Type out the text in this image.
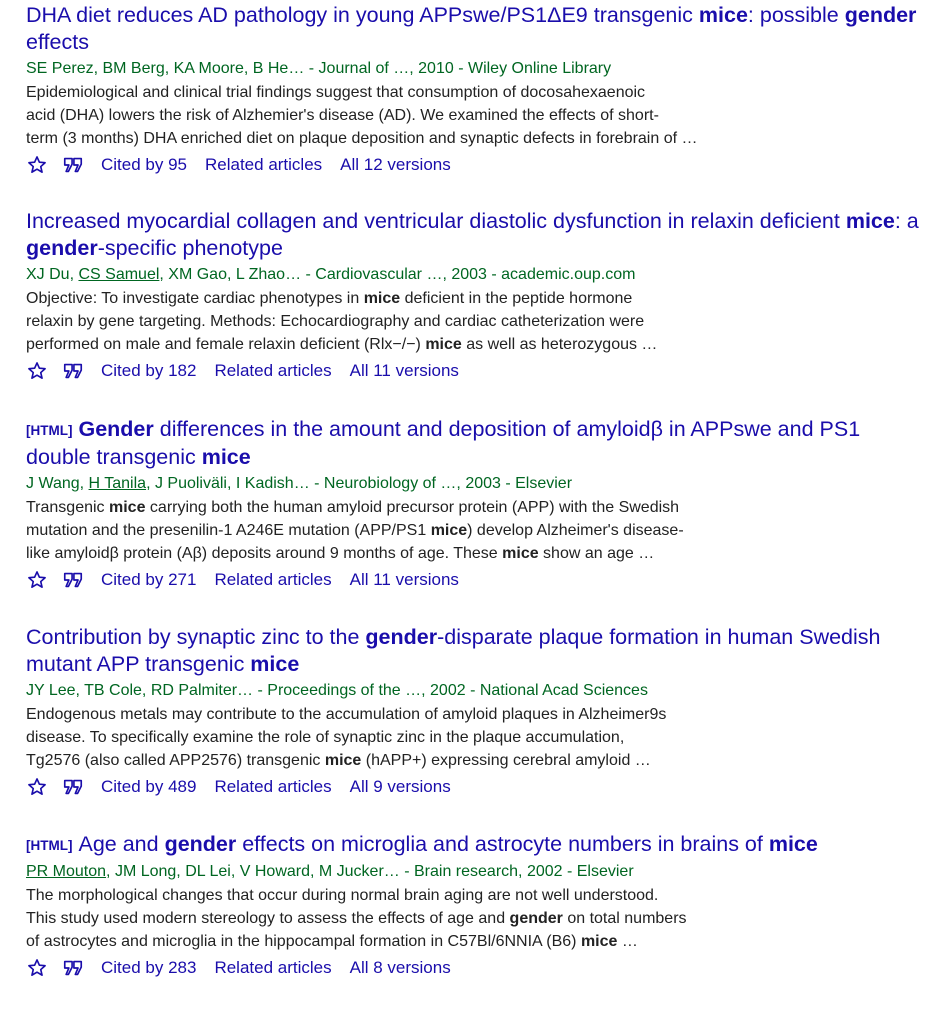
DHA diet reduces AD pathology in young APPswe/PS1ΔE9 transgenic mice: possible gender effects
SE Perez, BM Berg, KA Moore, B He… - Journal of …, 2010 - Wiley Online Library
Epidemiological and clinical trial findings suggest that consumption of docosahexaenoic
acid (DHA) lowers the risk of Alzhemier's disease (AD). We examined the effects of short-
term (3 months) DHA enriched diet on plaque deposition and synaptic defects in forebrain of …
Cited by 95 Related articles All 12 versions
Increased myocardial collagen and ventricular diastolic dysfunction in relaxin deficient mice: a gender-specific phenotype
XJ Du, CS Samuel, XM Gao, L Zhao… - Cardiovascular …, 2003 - academic.oup.com
Objective: To investigate cardiac phenotypes in mice deficient in the peptide hormone
relaxin by gene targeting. Methods: Echocardiography and cardiac catheterization were
performed on male and female relaxin deficient (Rlx−/−) mice as well as heterozygous …
Cited by 182 Related articles All 11 versions
[HTML] Gender differences in the amount and deposition of amyloidβ in APPswe and PS1 double transgenic mice
J Wang, H Tanila, J Puoliväli, I Kadish… - Neurobiology of …, 2003 - Elsevier
Transgenic mice carrying both the human amyloid precursor protein (APP) with the Swedish
mutation and the presenilin-1 A246E mutation (APP/PS1 mice) develop Alzheimer's disease-
like amyloidβ protein (Aβ) deposits around 9 months of age. These mice show an age …
Cited by 271 Related articles All 11 versions
Contribution by synaptic zinc to the gender-disparate plaque formation in human Swedish mutant APP transgenic mice
JY Lee, TB Cole, RD Palmiter… - Proceedings of the …, 2002 - National Acad Sciences
Endogenous metals may contribute to the accumulation of amyloid plaques in Alzheimer9s
disease. To specifically examine the role of synaptic zinc in the plaque accumulation,
Tg2576 (also called APP2576) transgenic mice (hAPP+) expressing cerebral amyloid …
Cited by 489 Related articles All 9 versions
[HTML] Age and gender effects on microglia and astrocyte numbers in brains of mice
PR Mouton, JM Long, DL Lei, V Howard, M Jucker… - Brain research, 2002 - Elsevier
The morphological changes that occur during normal brain aging are not well understood.
This study used modern stereology to assess the effects of age and gender on total numbers
of astrocytes and microglia in the hippocampal formation in C57Bl/6NNIA (B6) mice …
Cited by 283 Related articles All 8 versions
